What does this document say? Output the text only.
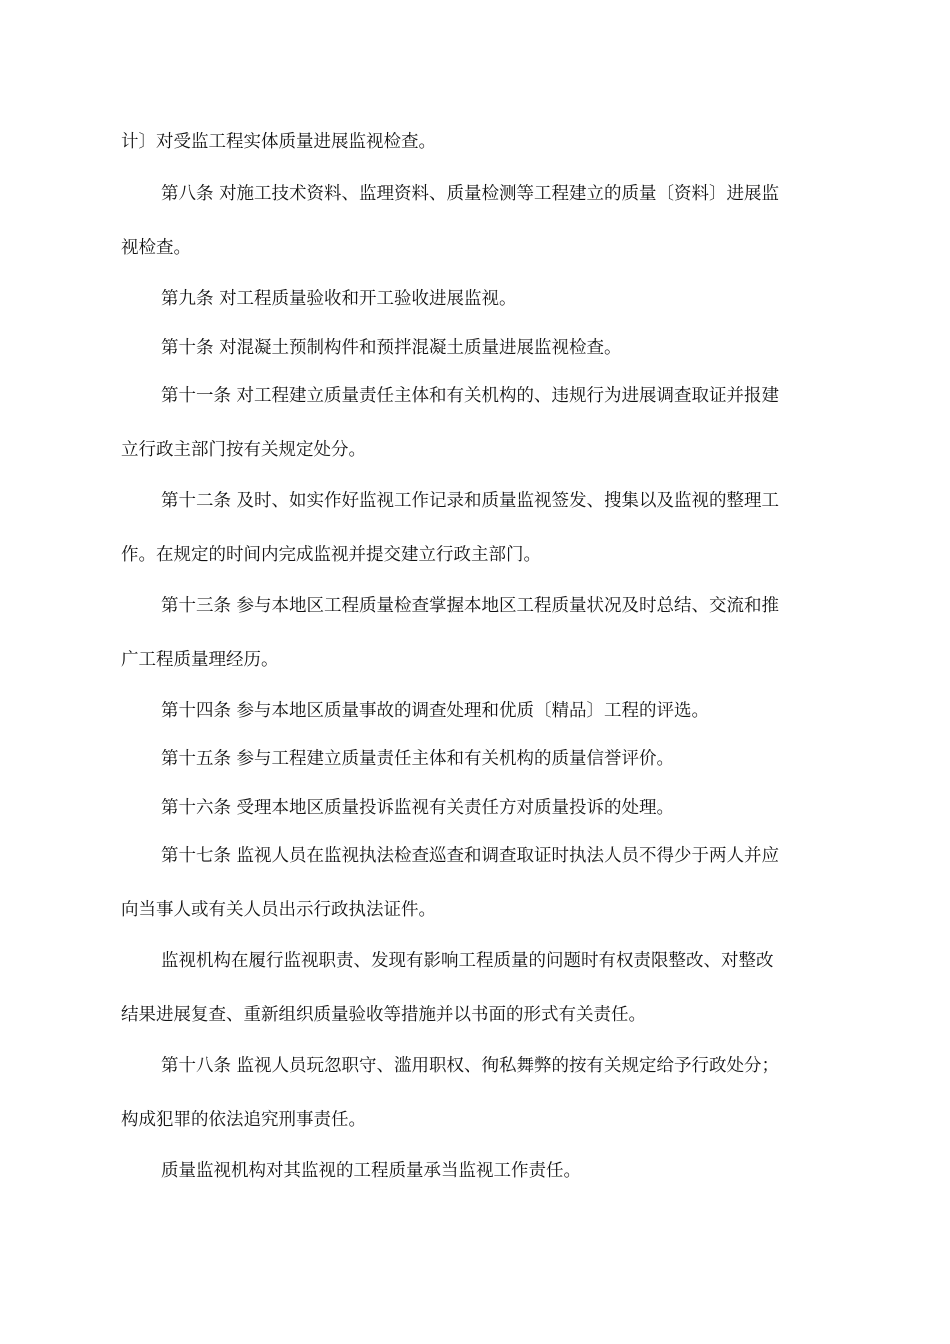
计〕对受监工程实体质量进展监视检查。
第八条 对施工技术资料、监理资料、质量检测等工程建立的质量〔资料〕进展监
视检查。
第九条 对工程质量验收和开工验收进展监视。
第十条 对混凝土预制构件和预拌混凝土质量进展监视检查。
第十一条 对工程建立质量责任主体和有关机构的、违规行为进展调查取证并报建
立行政主部门按有关规定处分。
第十二条 及时、如实作好监视工作记录和质量监视签发、搜集以及监视的整理工
作。在规定的时间内完成监视并提交建立行政主部门。
第十三条 参与本地区工程质量检查掌握本地区工程质量状况及时总结、交流和推
广工程质量理经历。
第十四条 参与本地区质量事故的调查处理和优质〔精品〕工程的评选。
第十五条 参与工程建立质量责任主体和有关机构的质量信誉评价。
第十六条 受理本地区质量投诉监视有关责任方对质量投诉的处理。
第十七条 监视人员在监视执法检查巡查和调查取证时执法人员不得少于两人并应
向当事人或有关人员出示行政执法证件。
监视机构在履行监视职责、发现有影响工程质量的问题时有权责限整改、对整改
结果进展复查、重新组织质量验收等措施并以书面的形式有关责任。
第十八条 监视人员玩忽职守、滥用职权、徇私舞弊的按有关规定给予行政处分；
构成犯罪的依法追究刑事责任。
质量监视机构对其监视的工程质量承当监视工作责任。
